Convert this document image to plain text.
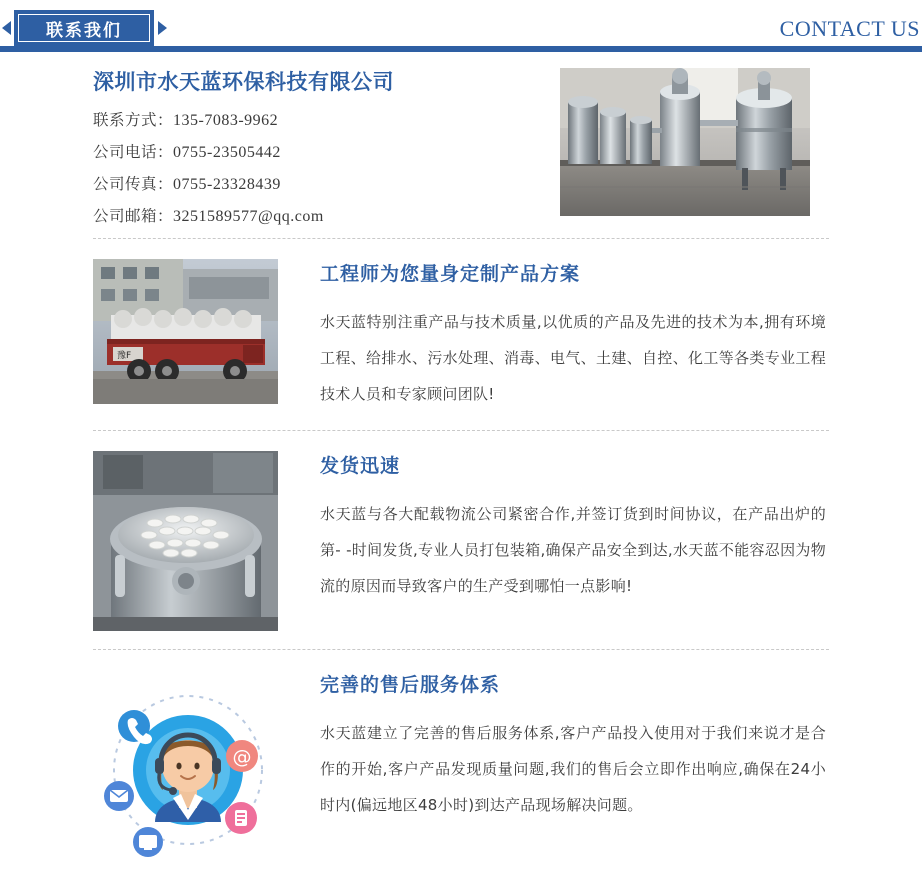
联系我们	CONTACT US
深圳市水天蓝环保科技有限公司
联系方式：135-7083-9962
公司电话：0755-23505442
公司传真：0755-23328439
公司邮箱：3251589577@qq.com
豫F
工程师为您量身定制产品方案
水天蓝特别注重产品与技术质量,以优质的产品及先进的技术为本,拥有环境工程、给排水、污水处理、消毒、电气、土建、自控、化工等各类专业工程技术人员和专家顾问团队!
发货迅速
水天蓝与各大配载物流公司紧密合作,并签订货到时间协议，在产品出炉的第- -时间发货,专业人员打包装箱,确保产品安全到达,水天蓝不能容忍因为物流的原因而导致客户的生产受到哪怕一点影响!
@
完善的售后服务体系
水天蓝建立了完善的售后服务体系,客户产品投入使用对于我们来说才是合作的开始,客户产品发现质量问题,我们的售后会立即作出响应,确保在24小时内(偏远地区48小时)到达产品现场解决问题。
